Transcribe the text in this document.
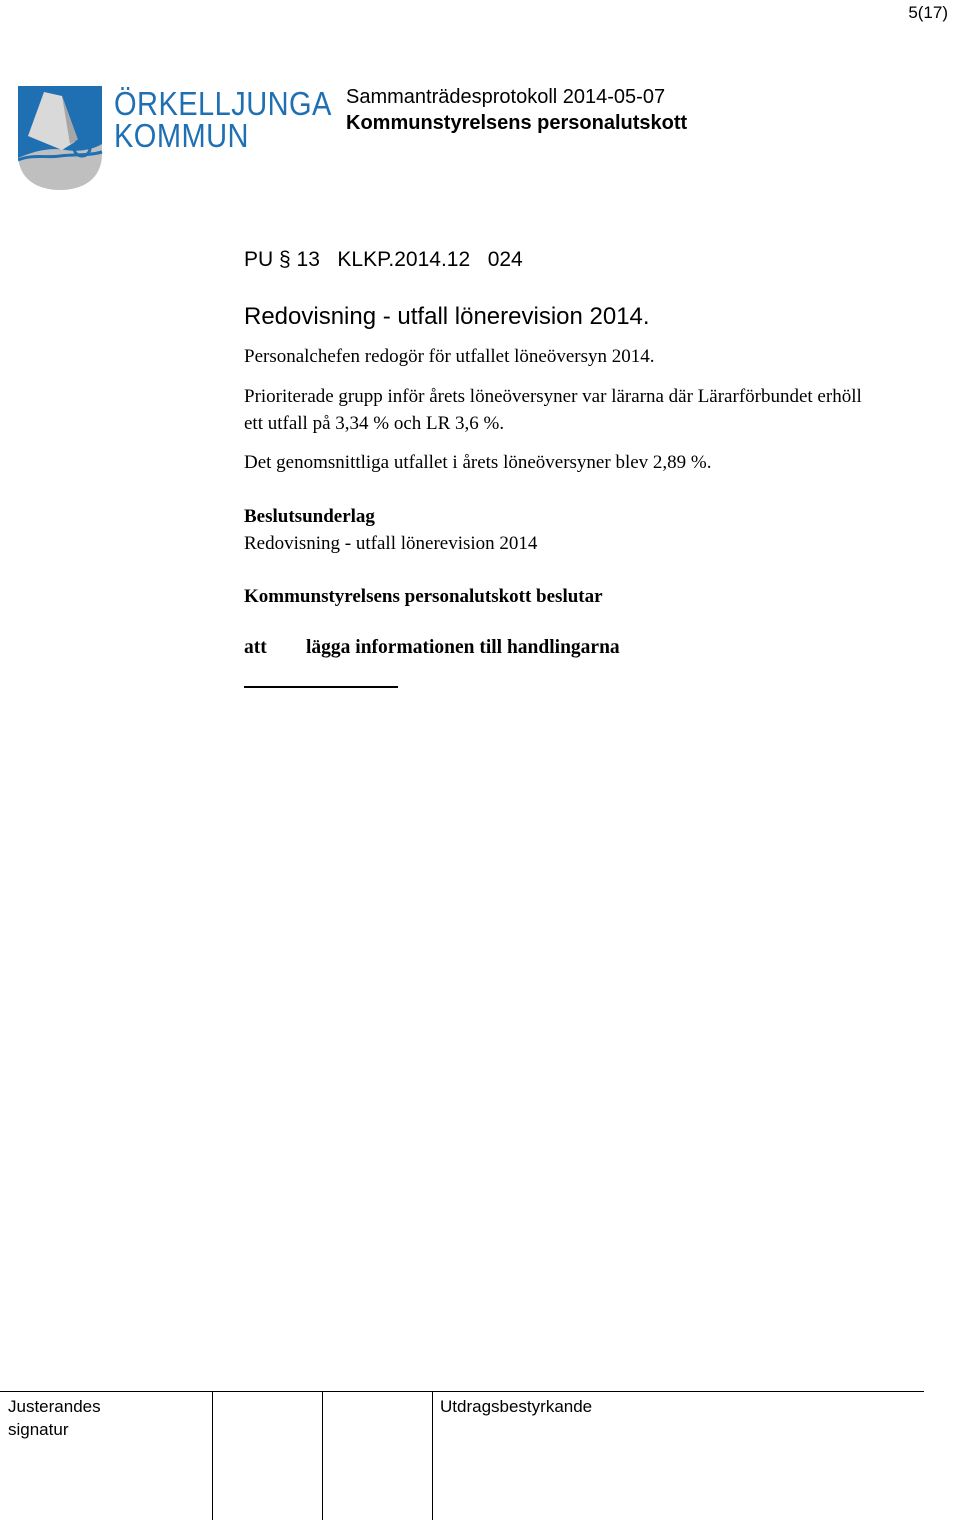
5(17)
ÖRKELLJUNGA
KOMMUN
Sammanträdesprotokoll 2014-05-07
Kommunstyrelsens personalutskott
PU § 13 KLKP.2014.12 024
Redovisning - utfall lönerevision 2014.
Personalchefen redogör för utfallet löneöversyn 2014.
Prioriterade grupp inför årets löneöversyner var lärarna där Lärarförbundet erhöll ett utfall på 3,34 % och LR 3,6 %.
Det genomsnittliga utfallet i årets löneöversyner blev 2,89 %.
Beslutsunderlag
Redovisning - utfall lönerevision 2014
Kommunstyrelsens personalutskott beslutar
att lägga informationen till handlingarna
Justerandes
signatur
Utdragsbestyrkande
